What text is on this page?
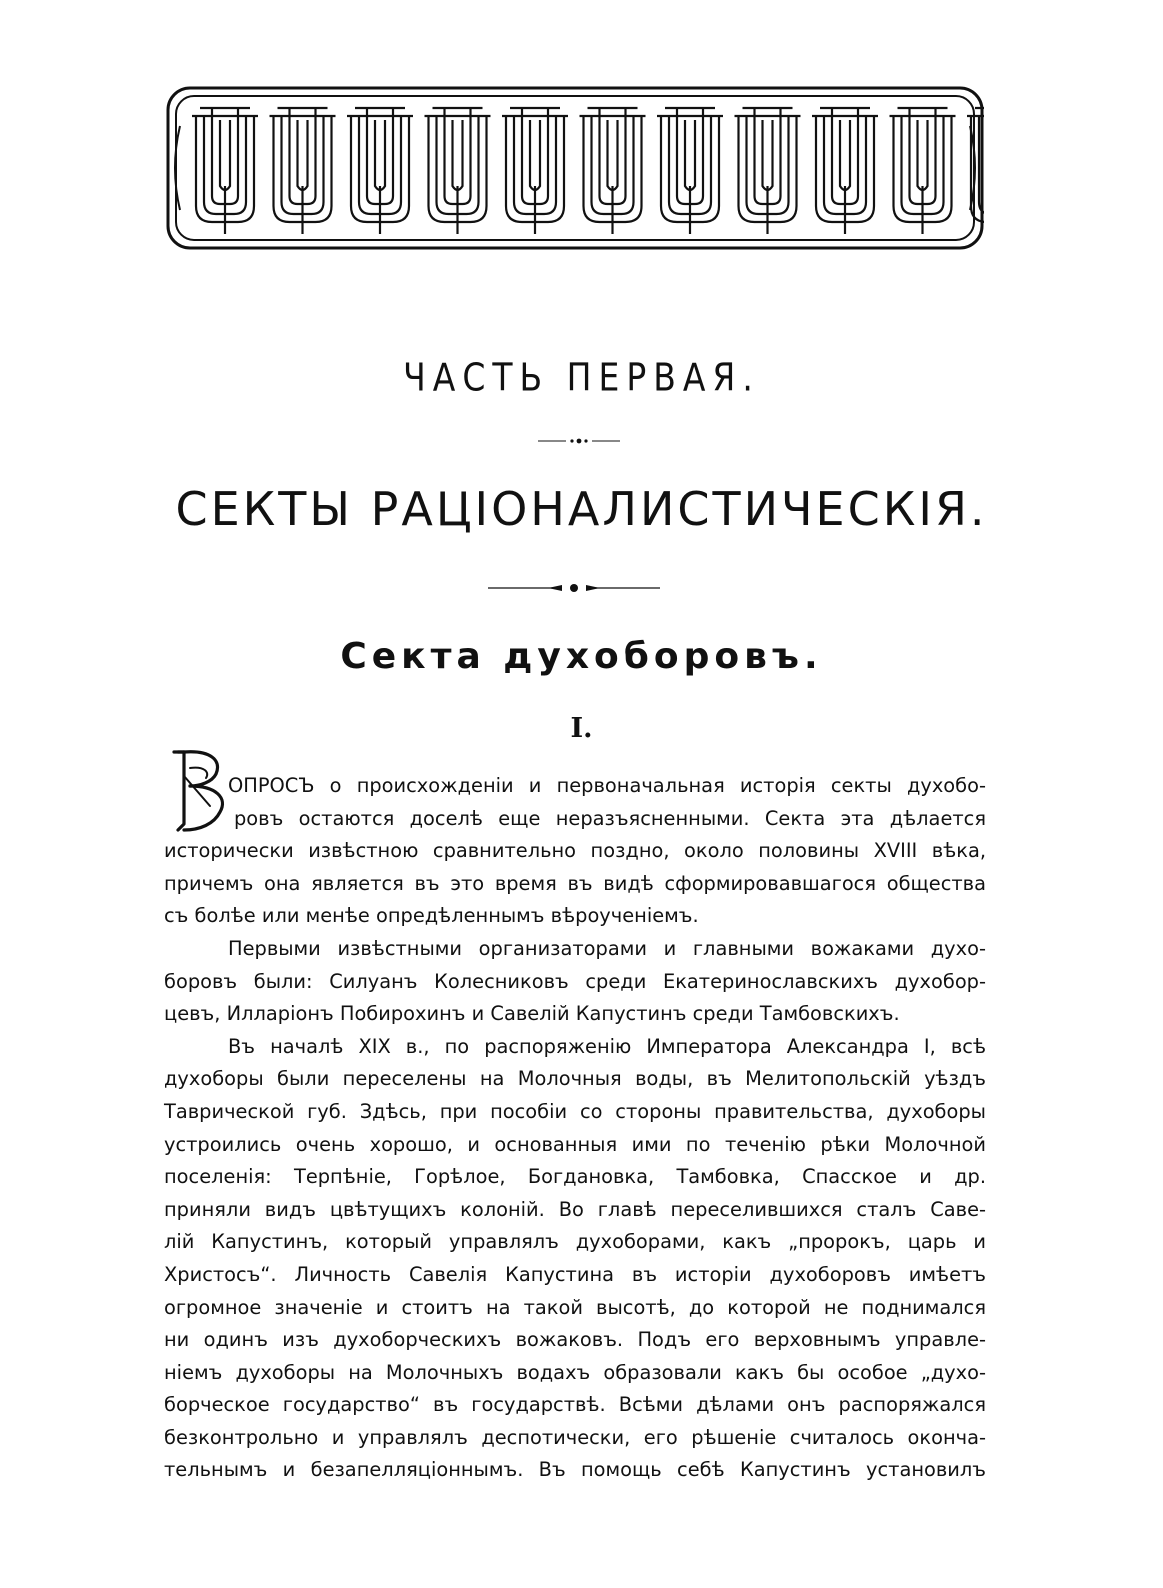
ЧАСТЬ ПЕРВАЯ.
СЕКТЫ РАЦІОНАЛИСТИЧЕСКІЯ.
Секта духоборовъ.
I.
ОПРОСЪ о происхожденіи и первоначальная исторія секты духобо-
ровъ остаются доселѣ еще неразъясненными. Секта эта дѣлается
исторически извѣстною сравнительно поздно, около половины XVIII вѣка,
причемъ она является въ это время въ видѣ сформировавшагося общества
съ болѣе или менѣе опредѣленнымъ вѣроученіемъ.
Первыми извѣстными организаторами и главными вожаками духо-
боровъ были: Силуанъ Колесниковъ среди Екатеринославскихъ духобор-
цевъ, Илларіонъ Побирохинъ и Савелій Капустинъ среди Тамбовскихъ.
Въ началѣ XIX в., по распоряженію Императора Александра I, всѣ
духоборы были переселены на Молочныя воды, въ Мелитопольскій уѣздъ
Таврической губ. Здѣсь, при пособіи со стороны правительства, духоборы
устроились очень хорошо, и основанныя ими по теченію рѣки Молочной
поселенія: Терпѣніе, Горѣлое, Богдановка, Тамбовка, Спасское и др.
приняли видъ цвѣтущихъ колоній. Во главѣ переселившихся сталъ Саве-
лій Капустинъ, который управлялъ духоборами, какъ „пророкъ, царь и
Христосъ“. Личность Савелія Капустина въ исторіи духоборовъ имѣетъ
огромное значеніе и стоитъ на такой высотѣ, до которой не поднимался
ни одинъ изъ духоборческихъ вожаковъ. Подъ его верховнымъ управле-
ніемъ духоборы на Молочныхъ водахъ образовали какъ бы особое „духо-
борческое государство“ въ государствѣ. Всѣми дѣлами онъ распоряжался
безконтрольно и управлялъ деспотически, его рѣшеніе считалось оконча-
тельнымъ и безапелляціоннымъ. Въ помощь себѣ Капустинъ установилъ
